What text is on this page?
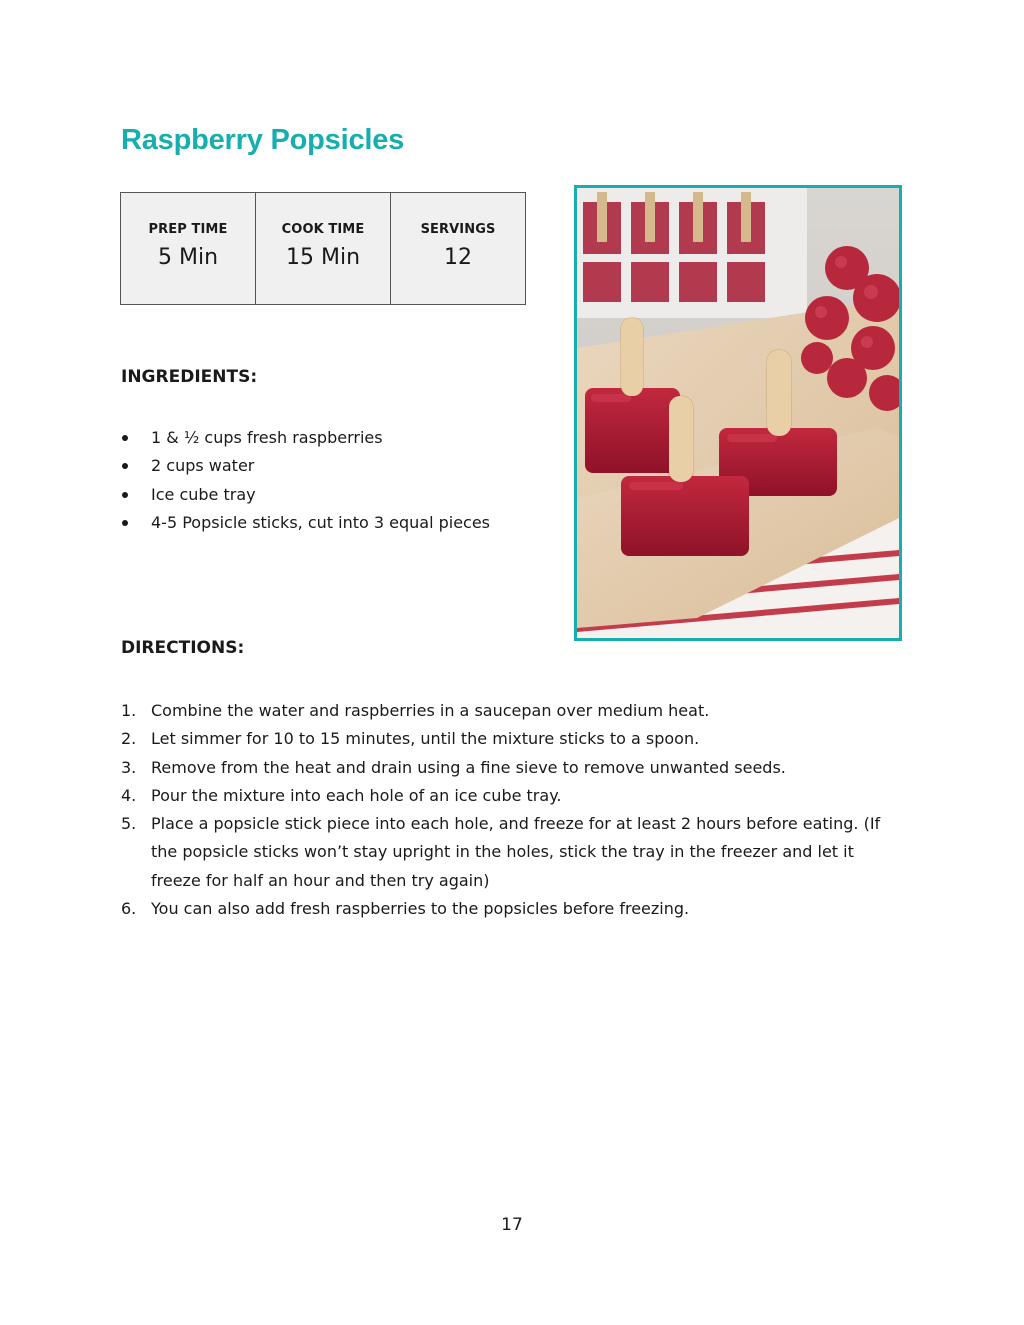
Raspberry Popsicles
PREP TIME
5 Min
COOK TIME
15 Min
SERVINGS
12
INGREDIENTS:
1 & ½ cups fresh raspberries
2 cups water
Ice cube tray
4-5 Popsicle sticks, cut into 3 equal pieces
DIRECTIONS:
1. Combine the water and raspberries in a saucepan over medium heat.
2. Let simmer for 10 to 15 minutes, until the mixture sticks to a spoon.
3. Remove from the heat and drain using a fine sieve to remove unwanted seeds.
4. Pour the mixture into each hole of an ice cube tray.
5. Place a popsicle stick piece into each hole, and freeze for at least 2 hours before eating. (If the popsicle sticks won’t stay upright in the holes, stick the tray in the freezer and let it freeze for half an hour and then try again)
6. You can also add fresh raspberries to the popsicles before freezing.
17
